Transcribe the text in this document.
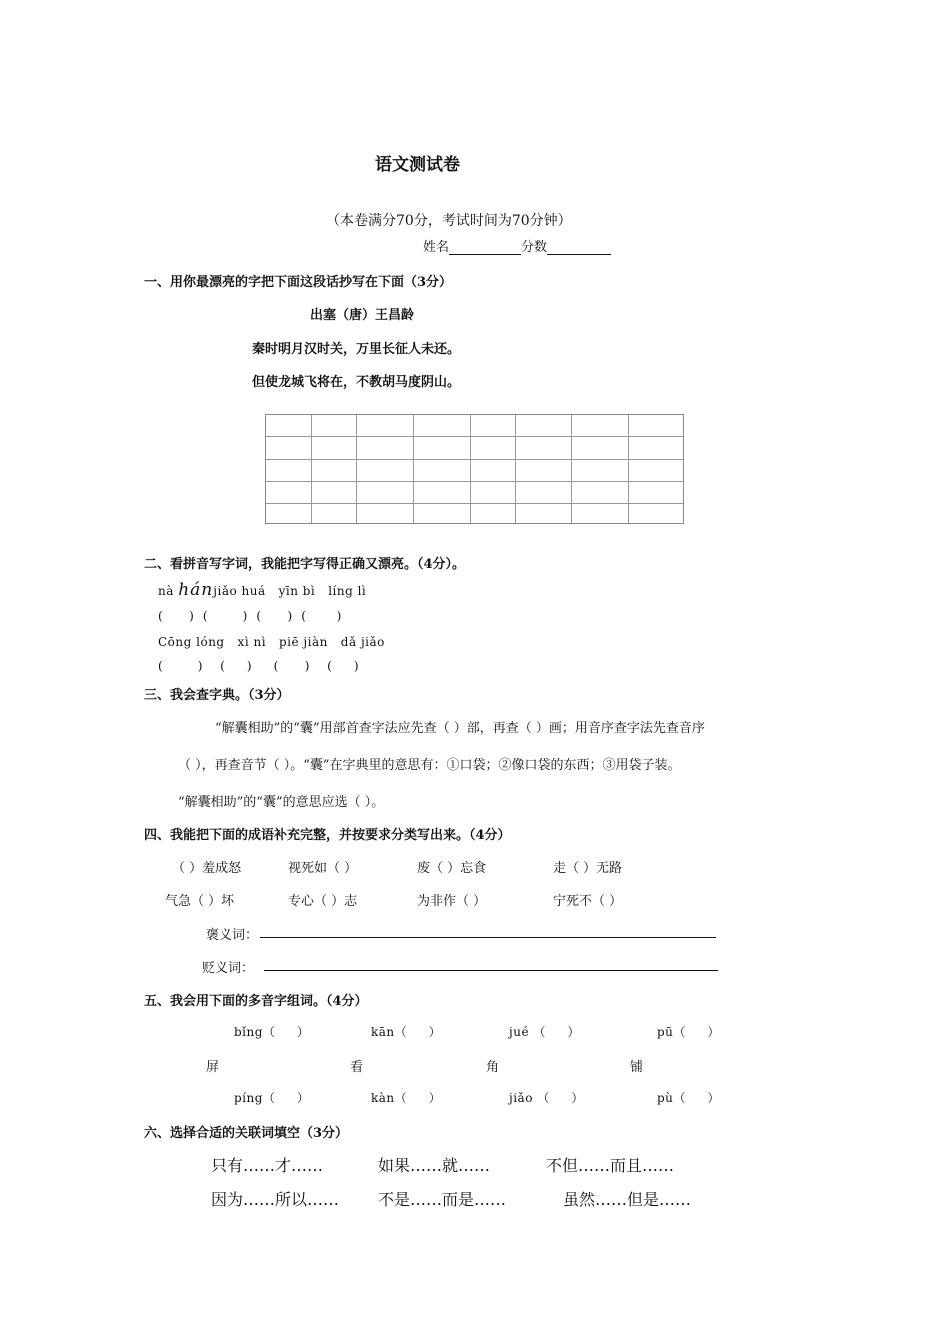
语文测试卷
（本卷满分70分，考试时间为70分钟）
姓名	分数
一、用你最漂亮的字把下面这段话抄写在下面（3分）
出塞（唐）王昌龄
秦时明月汉时关，万里长征人未还。
但使龙城飞将在，不教胡马度阴山。
二、看拼音写字词，我能把字写得正确又漂亮。（4分）。
nà hánjiǎo huá   yīn bì   líng lì
(      )  (        )  (      )  (       )
Cōng lóng   xì nì   piē jiàn   dǎ jiǎo
(        )    (     )     (      )    (     )
三、我会查字典。（3分）
“解囊相助”的“囊”用部首查字法应先查（ ）部，再查（ ）画；用音序查字法先查音序
（ ），再查音节（ ）。“囊”在字典里的意思有：①口袋；②像口袋的东西；③用袋子装。
“解囊相助”的“囊”的意思应选（ ）。
四、我能把下面的成语补充完整，并按要求分类写出来。（4分）
（ ）羞成怒	视死如（ ）	废（ ）忘食	走（ ）无路
气急（ ）坏	专心（ ）志	为非作（ ）	宁死不（ ）
褒义词：
贬义词：
五、我会用下面的多音字组词。（4分）
bǐng（     ）	kān（     ）	jué （     ）	pū（     ）
屏	看	角	铺
píng（     ）	kàn（     ）	jiǎo （     ）	pù（     ）
六、选择合适的关联词填空（3分）
只有……才……	如果……就……	不但……而且……
因为……所以…… 不是……而是……	虽然……但是……
